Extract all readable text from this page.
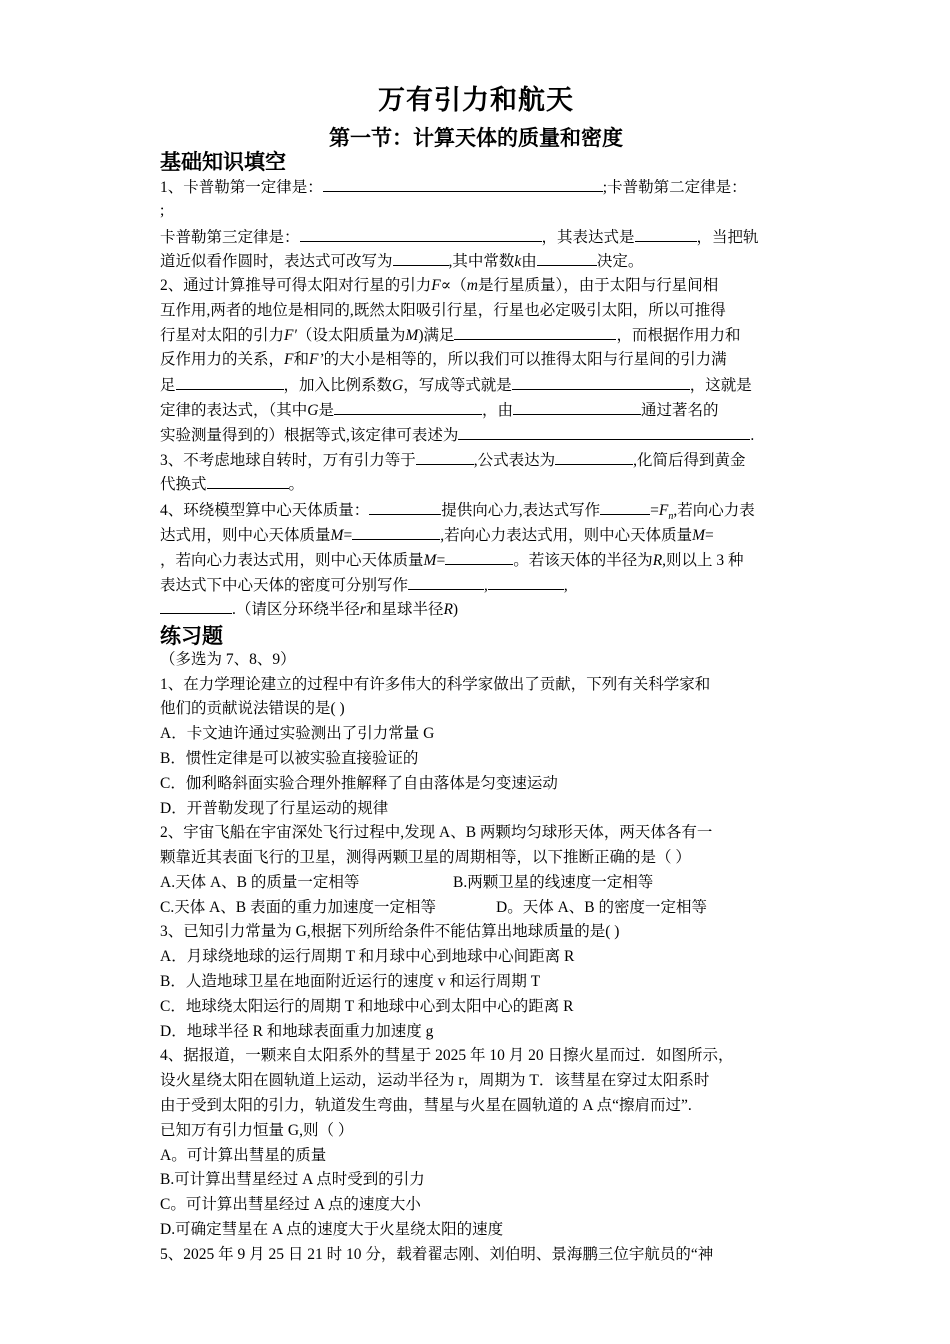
万有引力和航天
第一节：计算天体的质量和密度
基础知识填空
1、卡普勒第一定律是：	;卡普勒第二定律是：
;
卡普勒第三定律是：	，其表达式是	，当把轨
道近似看作圆时，表达式可改写为	,其中常数k由	决定。
2、通过计算推导可得太阳对行星的引力F∝（m是行星质量），由于太阳与行星间相
互作用,两者的地位是相同的,既然太阳吸引行星，行星也必定吸引太阳，所以可推得
行星对太阳的引力F′（设太阳质量为M)满足	，而根据作用力和
反作用力的关系，F和F’的大小是相等的，所以我们可以推得太阳与行星间的引力满
足	，加入比例系数G，写成等式就是	，这就是
定律的表达式，（其中G是	，由	通过著名的
实验测量得到的）根据等式,该定律可表述为	.
3、不考虑地球自转时，万有引力等于	,公式表达为	,化简后得到黄金
代换式	。
4、环绕模型算中心天体质量：	提供向心力,表达式写作	$=F_n$,若向心力表
达式用，则中心天体质量M=	,若向心力表达式用，则中心天体质量M=
，若向心力表达式用，则中心天体质量M=	。若该天体的半径为R,则以上 3 种
表达式下中心天体的密度可分别写作	,	,
.（请区分环绕半径r和星球半径R)
练习题
（多选为 7、8、9）
1、在力学理论建立的过程中有许多伟大的科学家做出了贡献，下列有关科学家和
他们的贡献说法错误的是( )
A．卡文迪许通过实验测出了引力常量 G
B．惯性定律是可以被实验直接验证的
C．伽利略斜面实验合理外推解释了自由落体是匀变速运动
D．开普勒发现了行星运动的规律
2、宇宙飞船在宇宙深处飞行过程中,发现 A、B 两颗均匀球形天体，两天体各有一
颗靠近其表面飞行的卫星，测得两颗卫星的周期相等，以下推断正确的是（ ）
A.天体 A、B 的质量一定相等	B.两颗卫星的线速度一定相等
C.天体 A、B 表面的重力加速度一定相等	D。天体 A、B 的密度一定相等
3、已知引力常量为 G,根据下列所给条件不能估算出地球质量的是( )
A．月球绕地球的运行周期 T 和月球中心到地球中心间距离 R
B．人造地球卫星在地面附近运行的速度 v 和运行周期 T
C．地球绕太阳运行的周期 T 和地球中心到太阳中心的距离 R
D．地球半径 R 和地球表面重力加速度 g
4、据报道，一颗来自太阳系外的彗星于 2025 年 10 月 20 日擦火星而过．如图所示，
设火星绕太阳在圆轨道上运动，运动半径为 r，周期为 T．该彗星在穿过太阳系时
由于受到太阳的引力，轨道发生弯曲，彗星与火星在圆轨道的 A 点“擦肩而过”.
已知万有引力恒量 G,则（ ）
A。可计算出彗星的质量
B.可计算出彗星经过 A 点时受到的引力
C。可计算出彗星经过 A 点的速度大小
D.可确定彗星在 A 点的速度大于火星绕太阳的速度
5、2025 年 9 月 25 日 21 时 10 分，载着翟志刚、刘伯明、景海鹏三位宇航员的“神
